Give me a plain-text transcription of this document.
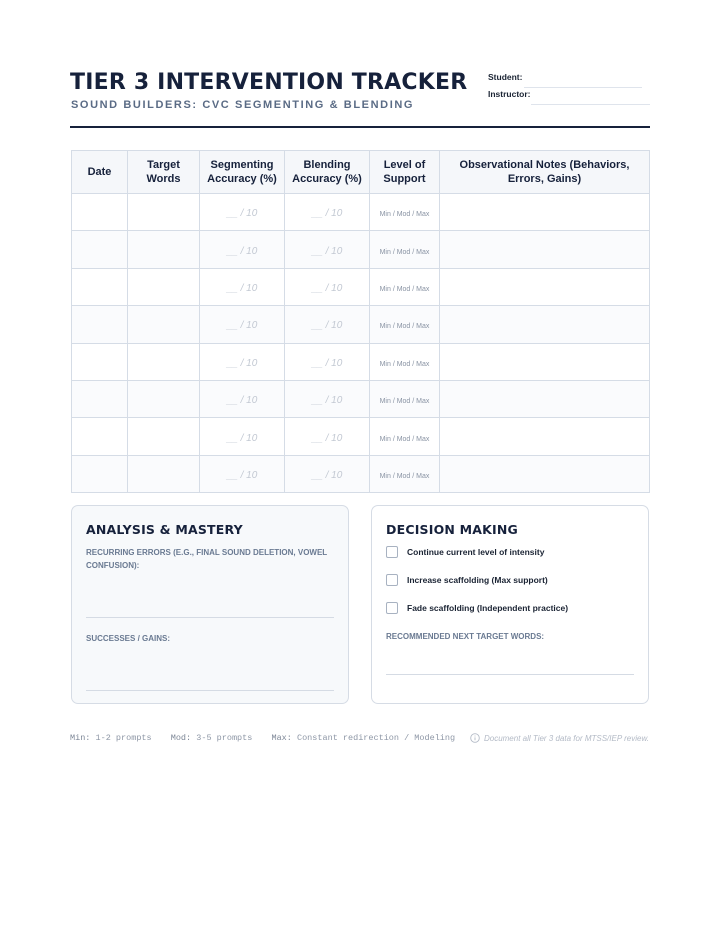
TIER 3 INTERVENTION TRACKER
SOUND BUILDERS: CVC SEGMENTING & BLENDING
Student:
Instructor:
Date	Target Words	Segmenting Accuracy (%)	Blending Accuracy (%)	Level of Support	Observational Notes (Behaviors, Errors, Gains)
		__ / 10	__ / 10	Min / Mod / Max	
		__ / 10	__ / 10	Min / Mod / Max	
		__ / 10	__ / 10	Min / Mod / Max	
		__ / 10	__ / 10	Min / Mod / Max	
		__ / 10	__ / 10	Min / Mod / Max	
		__ / 10	__ / 10	Min / Mod / Max	
		__ / 10	__ / 10	Min / Mod / Max	
		__ / 10	__ / 10	Min / Mod / Max	
ANALYSIS & MASTERY
RECURRING ERRORS (E.G., FINAL SOUND DELETION, VOWEL CONFUSION):
SUCCESSES / GAINS:
DECISION MAKING
Continue current level of intensity
Increase scaffolding (Max support)
Fade scaffolding (Independent practice)
RECOMMENDED NEXT TARGET WORDS:
Min: 1-2 prompts Mod: 3-5 prompts Max: Constant redirection / Modeling	Document all Tier 3 data for MTSS/IEP review.
